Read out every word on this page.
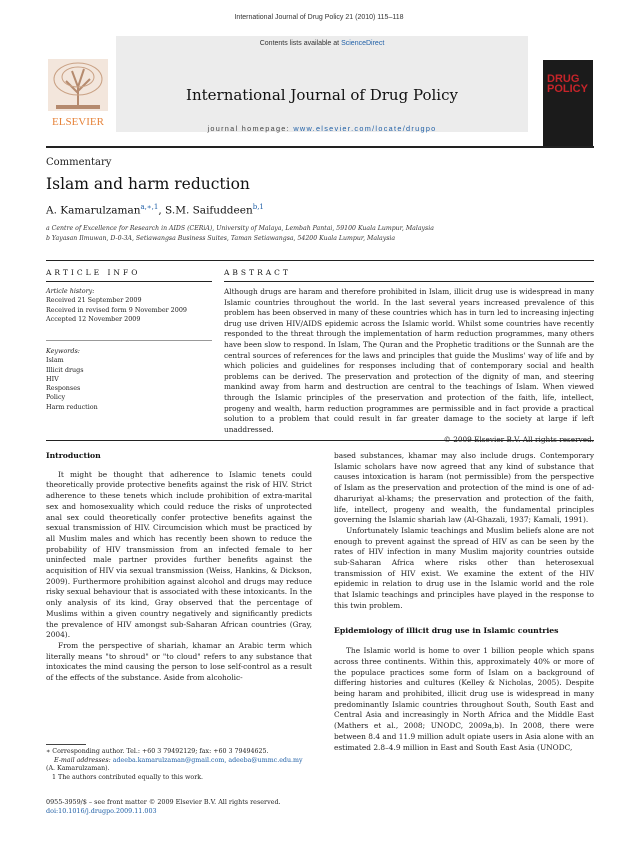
International Journal of Drug Policy 21 (2010) 115–118
Contents lists available at ScienceDirect
International Journal of Drug Policy
journal homepage: www.elsevier.com/locate/drugpo
ELSEVIER
DRUG
POLICY
Commentary
Islam and harm reduction
A. Kamarulzaman$^{a,∗,1}$, S.M. Saifuddeen$^{b,1}$
a Centre of Excellence for Research in AIDS (CERiA), University of Malaya, Lembah Pantai, 59100 Kuala Lumpur, Malaysia
b Yayasan Ilmuwan, D-0-3A, Setiawangsa Business Suites, Taman Setiawangsa, 54200 Kuala Lumpur, Malaysia
ARTICLE INFO
Article history:
Received 21 September 2009
Received in revised form 9 November 2009
Accepted 12 November 2009
Keywords:
Islam
Illicit drugs
HIV
Responses
Policy
Harm reduction
ABSTRACT
Although drugs are haram and therefore prohibited in Islam, illicit drug use is widespread in many Islamic countries throughout the world. In the last several years increased prevalence of this problem has been observed in many of these countries which has in turn led to increasing injecting drug use driven HIV/AIDS epidemic across the Islamic world. Whilst some countries have recently responded to the threat through the implementation of harm reduction programmes, many others have been slow to respond. In Islam, The Quran and the Prophetic traditions or the Sunnah are the central sources of references for the laws and principles that guide the Muslims' way of life and by which policies and guidelines for responses including that of contemporary social and health problems can be derived. The preservation and protection of the dignity of man, and steering mankind away from harm and destruction are central to the teachings of Islam. When viewed through the Islamic principles of the preservation and protection of the faith, life, intellect, progeny and wealth, harm reduction programmes are permissible and in fact provide a practical solution to a problem that could result in far greater damage to the society at large if left unaddressed.
© 2009 Elsevier B.V. All rights reserved.
Introduction

It might be thought that adherence to Islamic tenets could theoretically provide protective benefits against the risk of HIV. Strict adherence to these tenets which include prohibition of extra-marital sex and homosexuality which could reduce the risks of unprotected anal sex could theoretically confer protective benefits against the sexual transmission of HIV. Circumcision which must be practiced by all Muslim males and which has recently been shown to reduce the probability of HIV transmission from an infected female to her uninfected male partner provides further benefits against the acquisition of HIV via sexual transmission (Weiss, Hankins, & Dickson, 2009). Furthermore prohibition against alcohol and drugs may reduce risky sexual behaviour that is associated with these intoxicants. In the only analysis of its kind, Gray observed that the percentage of Muslims within a given country negatively and significantly predicts the prevalence of HIV amongst sub-Saharan African countries (Gray, 2004).

From the perspective of shariah, khamar an Arabic term which literally means "to shroud" or "to cloud" refers to any substance that intoxicates the mind causing the person to lose self-control as a result of the effects of the substance. Aside from alcoholic-

∗ Corresponding author. Tel.: +60 3 79492129; fax: +60 3 79494625.
E-mail addresses: adeeba.kamarulzaman@gmail.com, adeeba@ummc.edu.my
(A. Kamarulzaman).
1 The authors contributed equally to this work.
0955-3959/$ – see front matter © 2009 Elsevier B.V. All rights reserved.
doi:10.1016/j.drugpo.2009.11.003

based substances, khamar may also include drugs. Contemporary Islamic scholars have now agreed that any kind of substance that causes intoxication is haram (not permissible) from the perspective of Islam as the preservation and protection of the mind is one of ad-dharuriyat al-khams; the preservation and protection of the faith, life, intellect, progeny and wealth, the fundamental principles governing the Islamic shariah law (Al-Ghazali, 1937; Kamali, 1991).

Unfortunately Islamic teachings and Muslim beliefs alone are not enough to prevent against the spread of HIV as can be seen by the rates of HIV infection in many Muslim majority countries outside sub-Saharan Africa where risks other than heterosexual transmission of HIV exist. We examine the extent of the HIV epidemic in relation to drug use in the Islamic world and the role that Islamic teachings and principles have played in the response to this twin problem.

Epidemiology of illicit drug use in Islamic countries

The Islamic world is home to over 1 billion people which spans across three continents. Within this, approximately 40% or more of the populace practices some form of Islam on a background of differing histories and cultures (Kelley & Nicholas, 2005). Despite being haram and prohibited, illicit drug use is widespread in many predominantly Islamic countries throughout South, South East and Central Asia and increasingly in North Africa and the Middle East (Mathers et al., 2008; UNODC, 2009a,b). In 2008, there were between 8.4 and 11.9 million adult opiate users in Asia alone with an estimated 2.8–4.9 million in East and South East Asia (UNODC,
